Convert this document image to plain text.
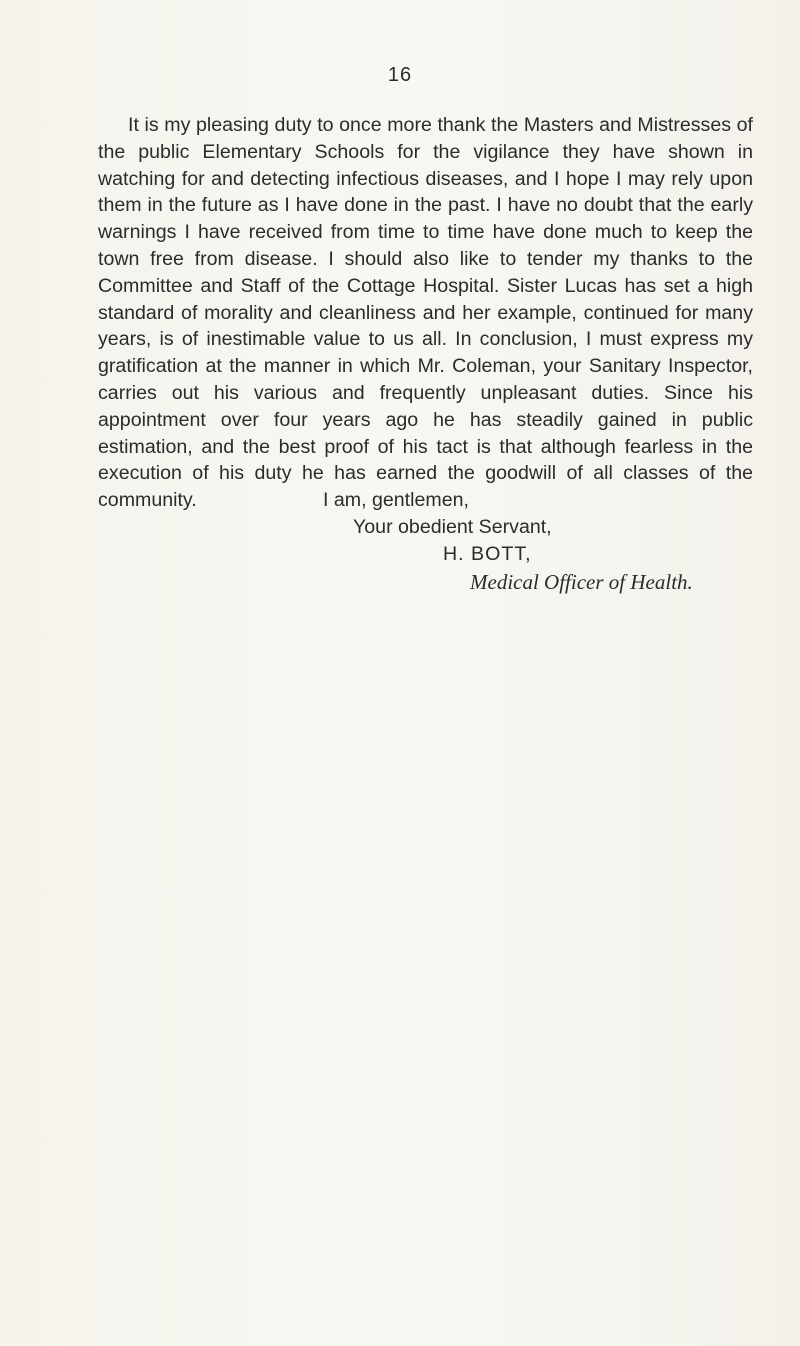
16

It is my pleasing duty to once more thank the Masters and Mistresses of the public Elementary Schools for the vigilance they have shown in watching for and detecting infectious diseases, and I hope I may rely upon them in the future as I have done in the past. I have no doubt that the early warnings I have received from time to time have done much to keep the town free from disease. I should also like to tender my thanks to the Committee and Staff of the Cottage Hospital. Sister Lucas has set a high standard of morality and cleanliness and her example, continued for many years, is of inestimable value to us all. In conclusion, I must express my gratification at the manner in which Mr. Coleman, your Sanitary Inspector, carries out his various and frequently unpleasant duties. Since his appointment over four years ago he has steadily gained in public estimation, and the best proof of his tact is that although fearless in the execution of his duty he has earned the goodwill of all classes of the community.	I am, gentlemen,
Your obedient Servant,
H. BOTT,
Medical Officer of Health.
